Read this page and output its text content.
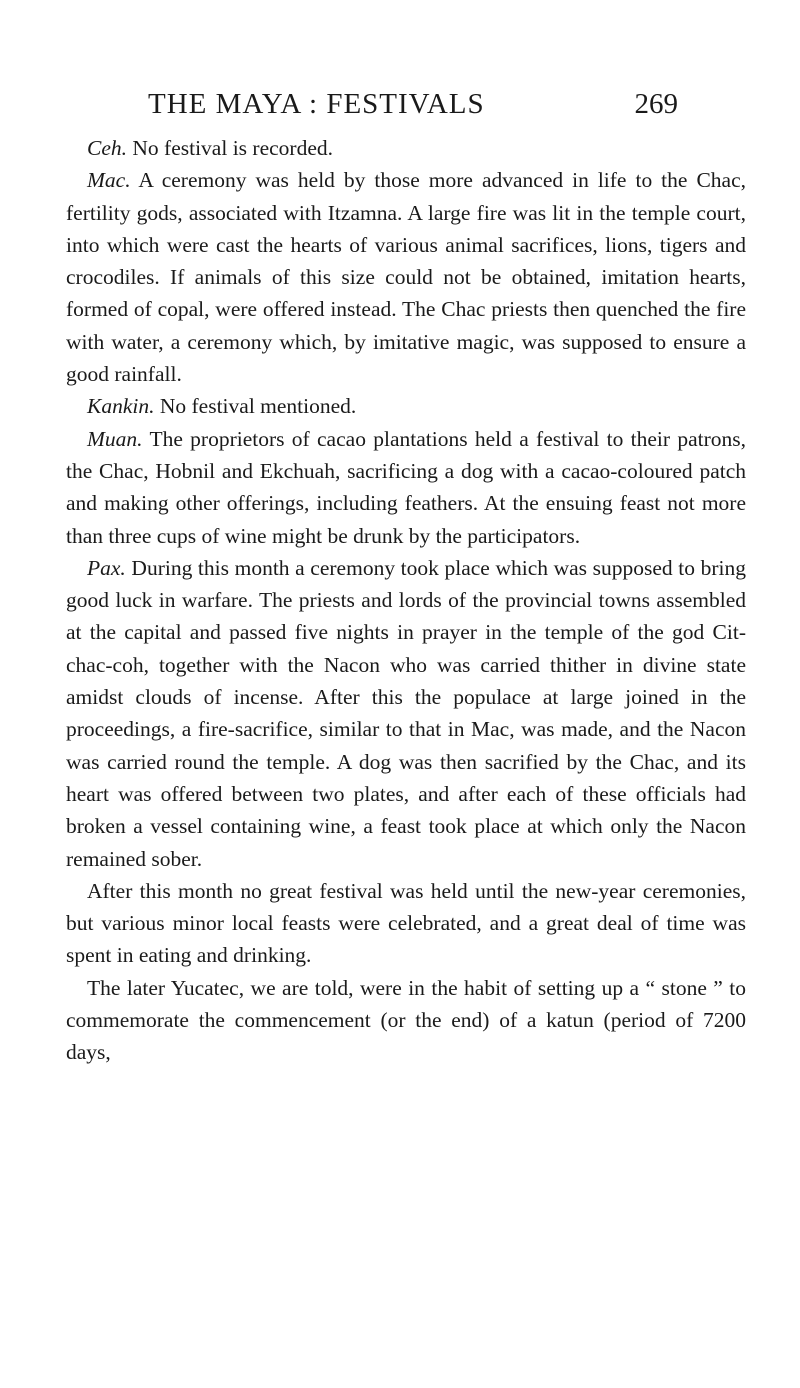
THE MAYA : FESTIVALS	269

Ceh. No festival is recorded.

Mac. A ceremony was held by those more advanced in life to the Chac, fertility gods, associated with Itzamna. A large fire was lit in the temple court, into which were cast the hearts of various animal sacrifices, lions, tigers and crocodiles. If animals of this size could not be obtained, imitation hearts, formed of copal, were offered instead. The Chac priests then quenched the fire with water, a ceremony which, by imitative magic, was supposed to ensure a good rainfall.

Kankin. No festival mentioned.

Muan. The proprietors of cacao plantations held a festival to their patrons, the Chac, Hobnil and Ekchuah, sacrificing a dog with a cacao-coloured patch and making other offerings, including feathers. At the ensuing feast not more than three cups of wine might be drunk by the participators.

Pax. During this month a ceremony took place which was supposed to bring good luck in warfare. The priests and lords of the provincial towns assembled at the capital and passed five nights in prayer in the temple of the god Cit-chac-coh, together with the Nacon who was carried thither in divine state amidst clouds of incense. After this the populace at large joined in the proceedings, a fire-sacrifice, similar to that in Mac, was made, and the Nacon was carried round the temple. A dog was then sacrified by the Chac, and its heart was offered between two plates, and after each of these officials had broken a vessel containing wine, a feast took place at which only the Nacon remained sober.

After this month no great festival was held until the new-year ceremonies, but various minor local feasts were celebrated, and a great deal of time was spent in eating and drinking.

The later Yucatec, we are told, were in the habit of setting up a “ stone ” to commemorate the commencement (or the end) of a katun (period of 7200 days,
